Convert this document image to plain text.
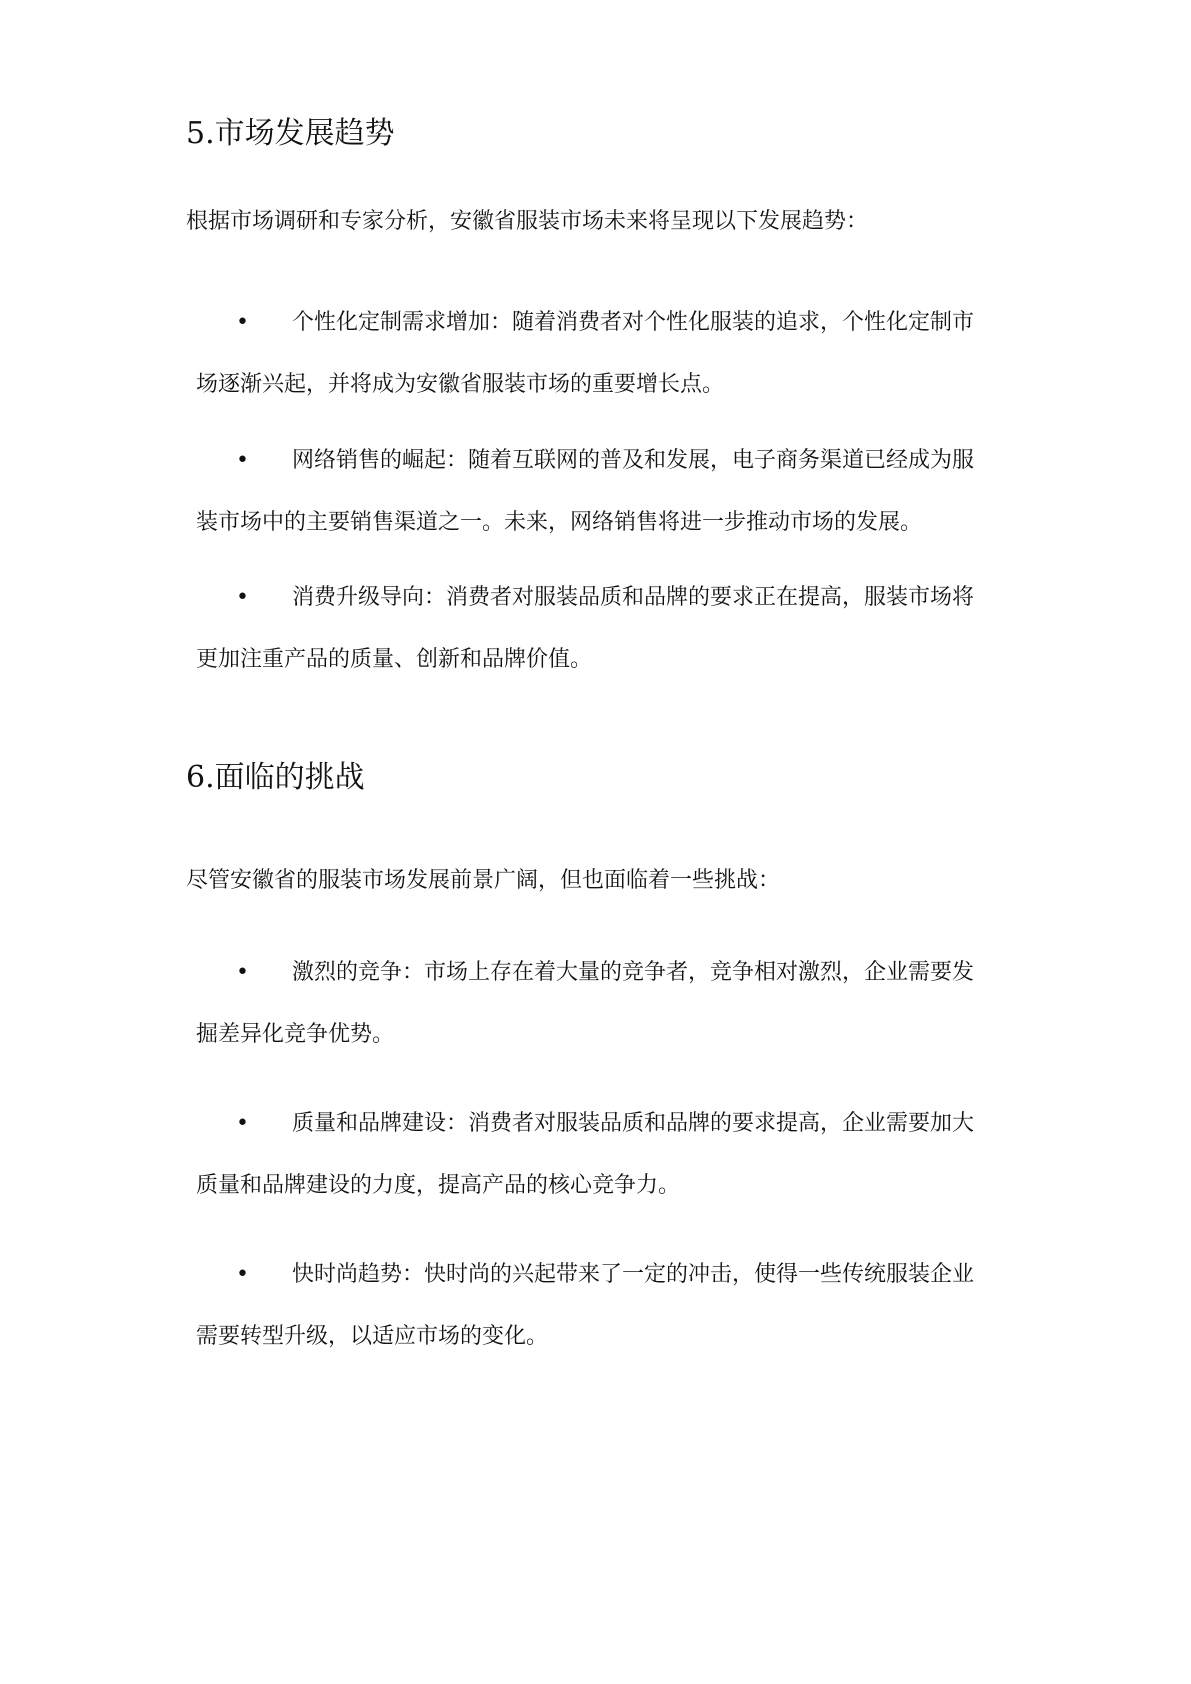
5.市场发展趋势

根据市场调研和专家分析，安徽省服装市场未来将呈现以下发展趋势：

• 个性化定制需求增加：随着消费者对个性化服装的追求，个性化定制市
场逐渐兴起，并将成为安徽省服装市场的重要增长点。
• 网络销售的崛起：随着互联网的普及和发展，电子商务渠道已经成为服
装市场中的主要销售渠道之一。未来，网络销售将进一步推动市场的发展。
• 消费升级导向：消费者对服装品质和品牌的要求正在提高，服装市场将
更加注重产品的质量、创新和品牌价值。
6.面临的挑战

尽管安徽省的服装市场发展前景广阔，但也面临着一些挑战：

• 激烈的竞争：市场上存在着大量的竞争者，竞争相对激烈，企业需要发
掘差异化竞争优势。
• 质量和品牌建设：消费者对服装品质和品牌的要求提高，企业需要加大
质量和品牌建设的力度，提高产品的核心竞争力。
• 快时尚趋势：快时尚的兴起带来了一定的冲击，使得一些传统服装企业
需要转型升级，以适应市场的变化。
